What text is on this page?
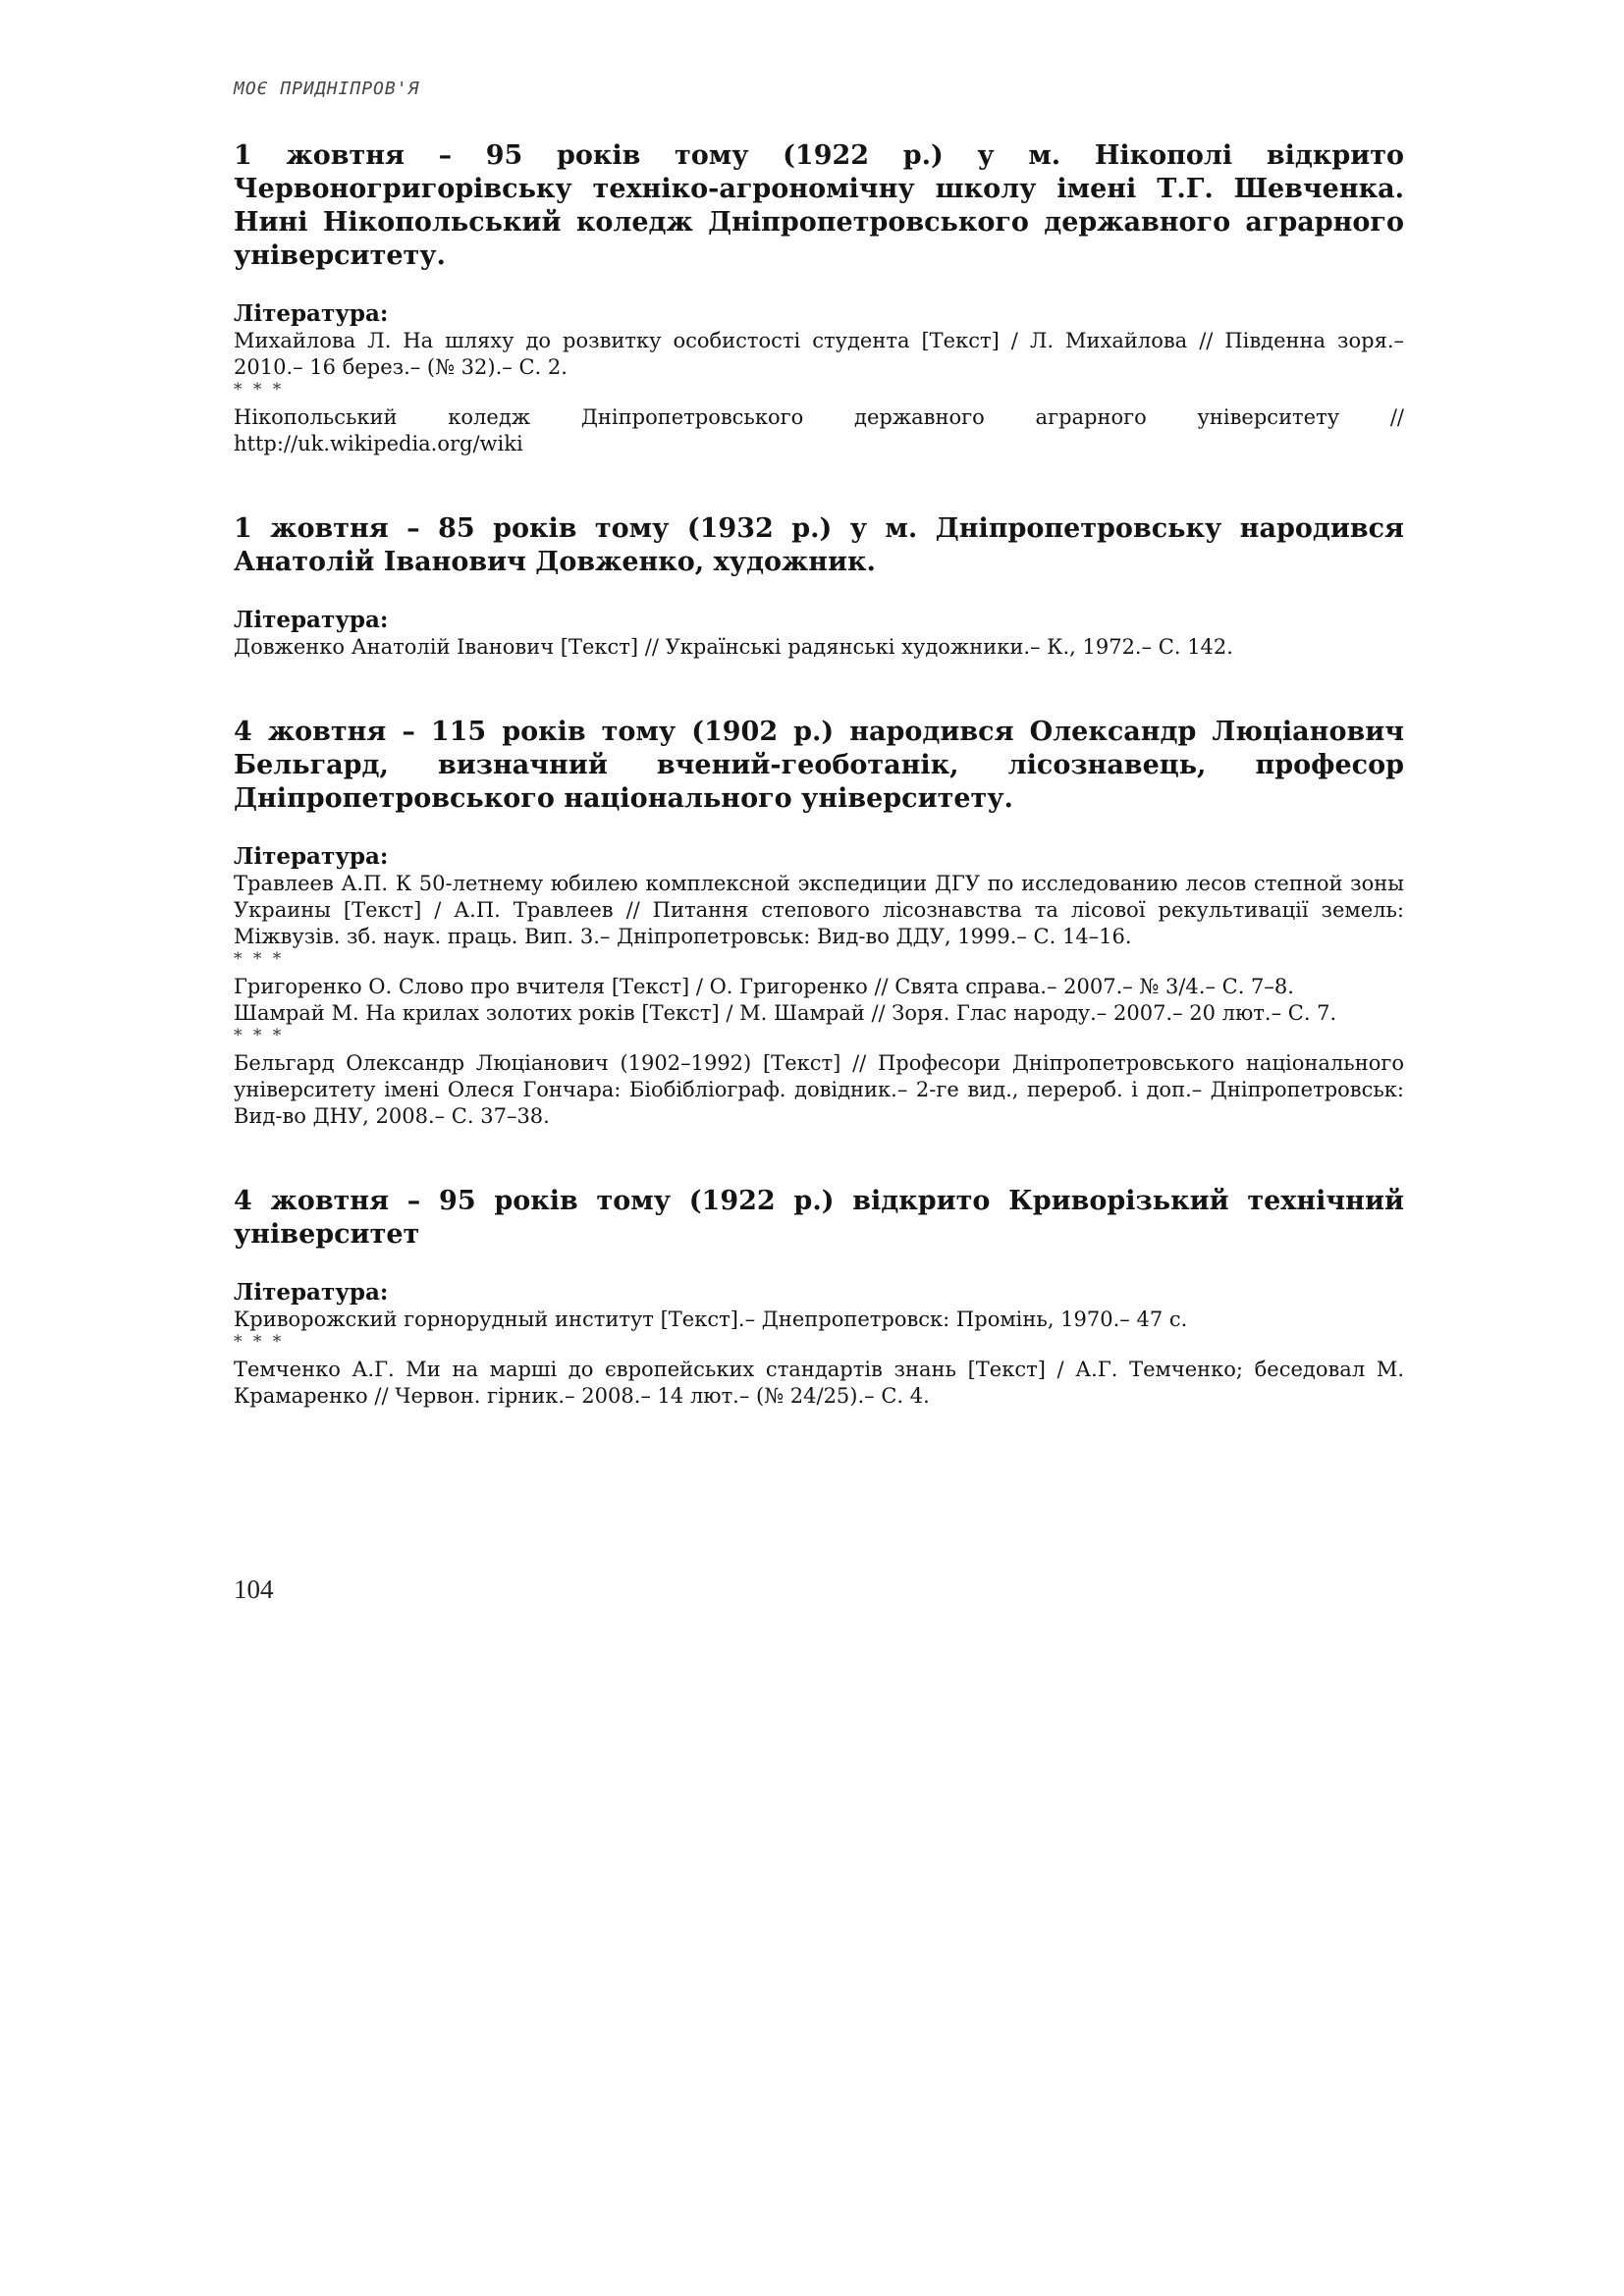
МОЄ ПРИДНІПРОВ'Я

1 жовтня – 95 років тому (1922 р.) у м. Нікополі відкрито Червоногригорівську техніко-агрономічну школу імені Т.Г. Шевченка. Нині Нікопольський коледж Дніпропетровського державного аграрного університету.

Література:

Михайлова Л. На шляху до розвитку особистості студента [Текст] / Л. Михайлова // Південна зоря.– 2010.– 16 берез.– (№ 32).– С. 2.

* * *

Нікопольський коледж Дніпропетровського державного аграрного університету // http://uk.wikipedia.org/wiki

1 жовтня – 85 років тому (1932 р.) у м. Дніпропетровську народився Анатолій Іванович Довженко, художник.

Література:

Довженко Анатолій Іванович [Текст] // Українські радянські художники.– К., 1972.– С. 142.

4 жовтня – 115 років тому (1902 р.) народився Олександр Люціанович Бельгард, визначний вчений-геоботанік, лісознавець, професор Дніпропетровського національного університету.

Література:

Травлеев А.П. К 50-летнему юбилею комплексной экспедиции ДГУ по исследованию лесов степной зоны Украины [Текст] / А.П. Травлеев // Питання степового лісознавства та лісової рекультивації земель: Міжвузів. зб. наук. праць. Вип. 3.– Дніпропетровськ: Вид-во ДДУ, 1999.– С. 14–16.

* * *

Григоренко О. Слово про вчителя [Текст] / О. Григоренко // Свята справа.– 2007.– № 3/4.– С. 7–8.

Шамрай М. На крилах золотих років [Текст] / М. Шамрай // Зоря. Глас народу.– 2007.– 20 лют.– С. 7.

* * *

Бельгард Олександр Люціанович (1902–1992) [Текст] // Професори Дніпропетровського національного університету імені Олеся Гончара: Біобібліограф. довідник.– 2-ге вид., перероб. і доп.– Дніпропетровськ: Вид-во ДНУ, 2008.– С. 37–38.

4 жовтня – 95 років тому (1922 р.) відкрито Криворізький технічний університет

Література:

Криворожский горнорудный институт [Текст].– Днепропетровск: Промінь, 1970.– 47 с.

* * *

Темченко А.Г. Ми на марші до європейських стандартів знань [Текст] / А.Г. Темченко; беседовал М. Крамаренко // Червон. гірник.– 2008.– 14 лют.– (№ 24/25).– С. 4.

104
